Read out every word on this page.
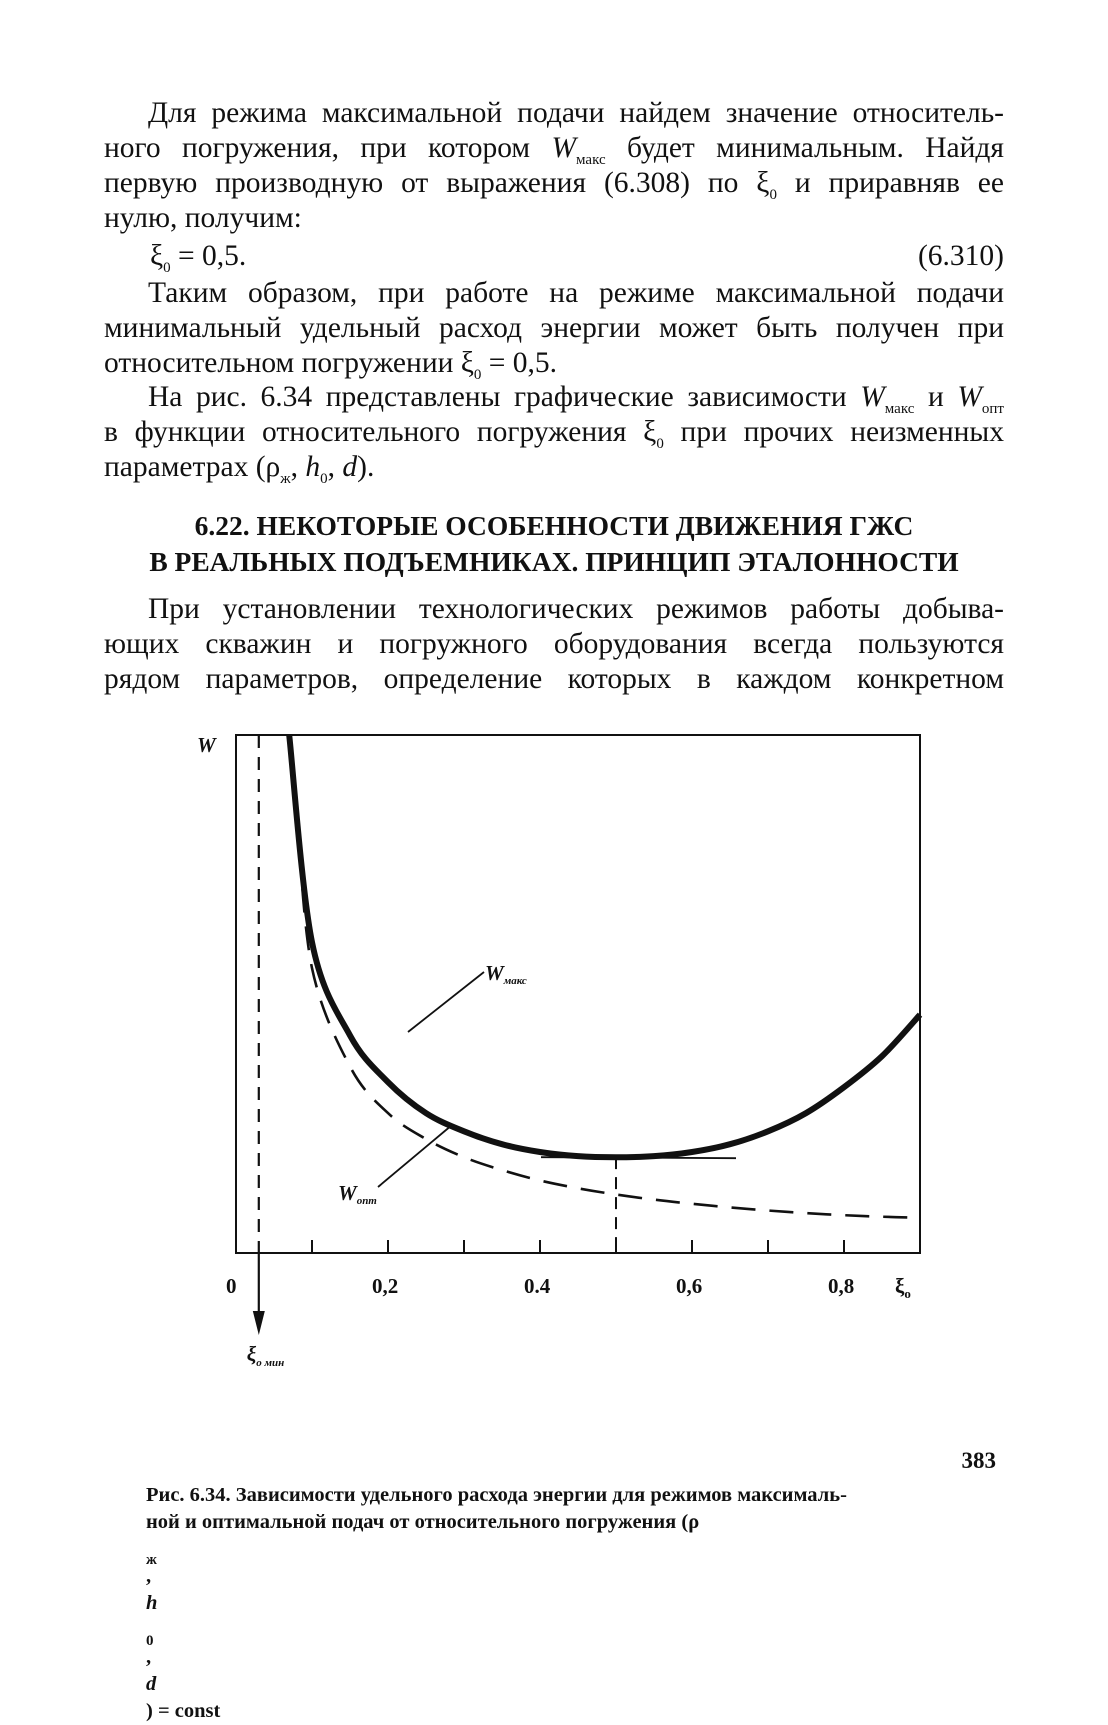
Для режима максимальной подачи найдем значение относитель-
ного погружения, при котором $W_{макс}$ будет минимальным. Найдя
первую производную от выражения (6.308) по $\xi_0$ и приравняв ее
нулю, получим:
$\xi_0 = 0,5$.	(6.310)
Таким образом, при работе на режиме максимальной подачи
минимальный удельный расход энергии может быть получен при
относительном погружении $\xi_0 = 0,5$.
На рис. 6.34 представлены графические зависимости $W_{макс}$ и $W_{опт}$
в функции относительного погружения $\xi_0$ при прочих неизменных
параметрах ($\rho_ж$, $h_0$, d).
6.22. НЕКОТОРЫЕ ОСОБЕННОСТИ ДВИЖЕНИЯ ГЖС
В РЕАЛЬНЫХ ПОДЪЕМНИКАХ. ПРИНЦИП ЭТАЛОННОСТИ
При установлении технологических режимов работы добыва-
ющих скважин и погружного оборудования всегда пользуются
рядом параметров, определение которых в каждом конкретном
W
0	0,2	0.4	0,6	0,8 $\xi_о$
$\xi_{о мин}$
Wмакс
Wопт
Рис. 6.34. Зависимости удельного расхода энергии для режимов максималь-
ной и оптимальной подач от относительного погружения (ρ
$_ж$
,
h
$_0$
,
d
) = const
383
